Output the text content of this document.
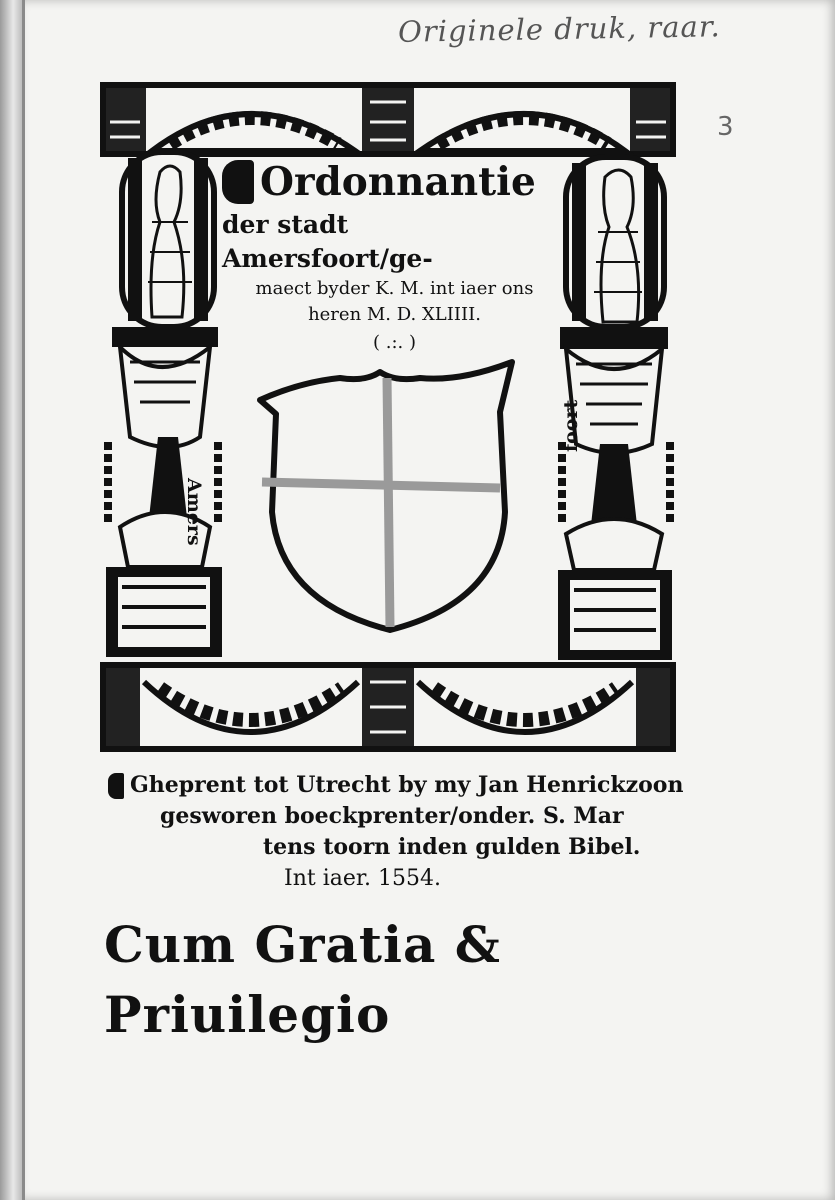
Originele druk, raar.
3
Ordonnantie
der stadt Amersfoort/ge-
maect byder K. M. int iaer ons
heren M. D. XLIIII.
( .:. )
Amers
foort
Gheprent tot Utrecht by my Jan Henrickzoon
gesworen boeckprenter/onder. S. Mar
tens toorn inden gulden Bibel.
Int iaer. 1554.
Cum Gratia & Priuilegio
